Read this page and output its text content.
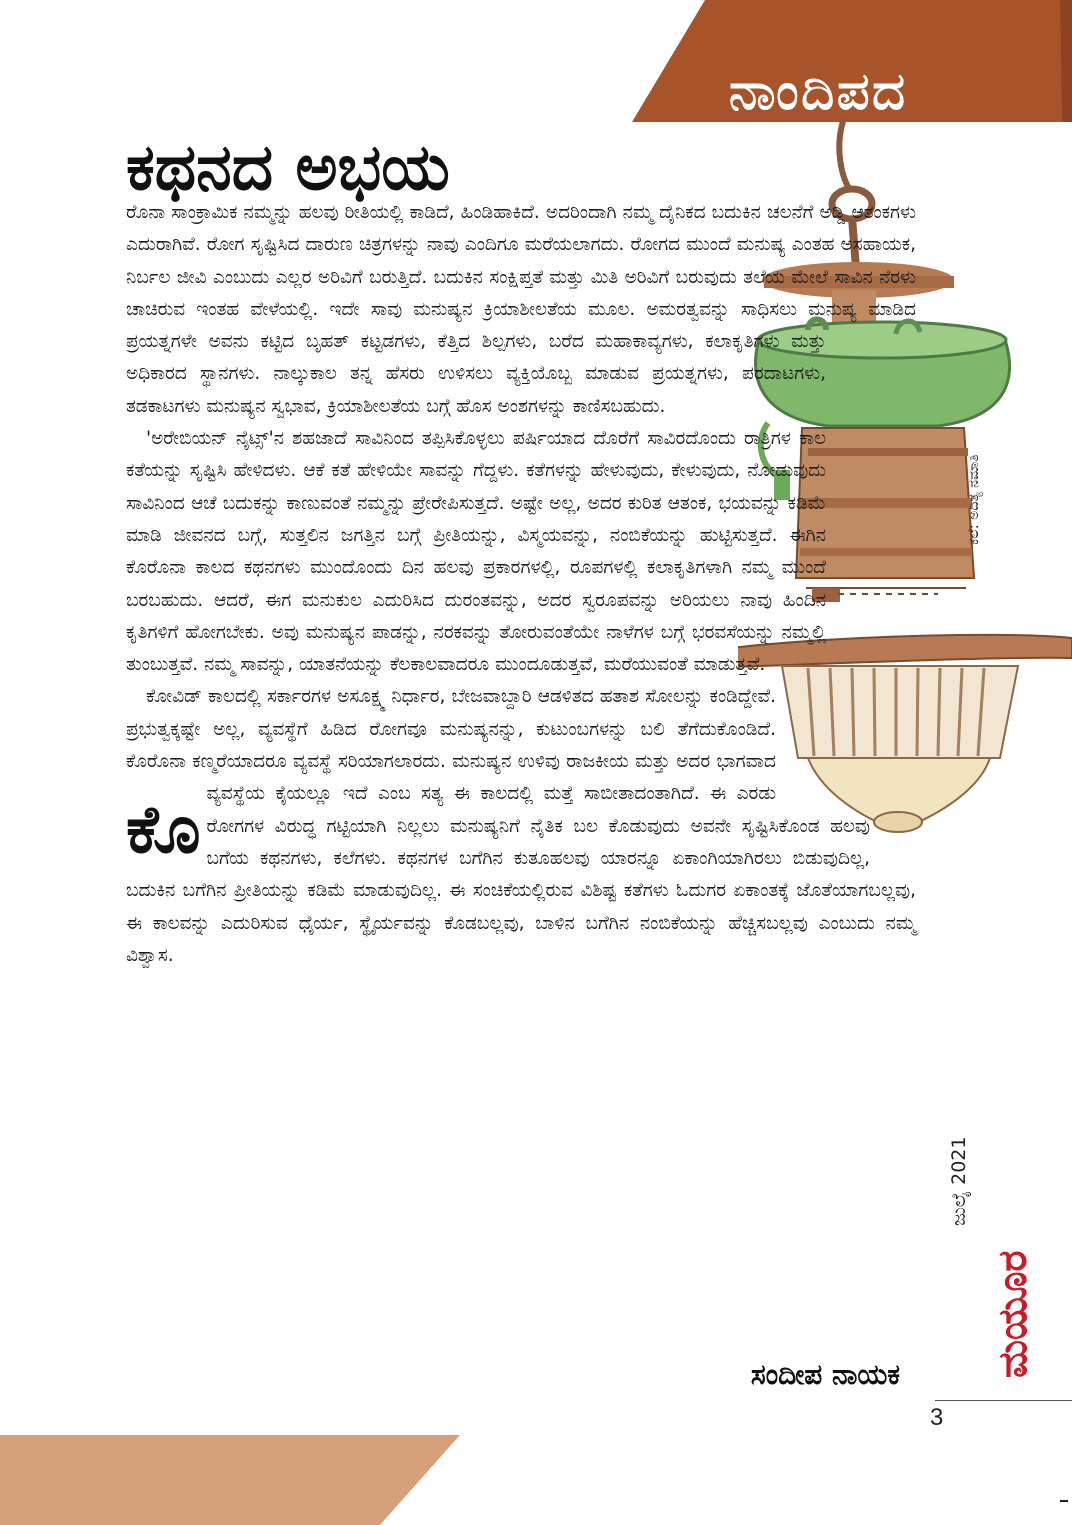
ನಾಂದಿಪದ
ಕಥನದ ಅಭಯ
ಕಲೆ: ಅದಿತ್ಯ ನಮಾತಿ

ಕೊ
ರೊನಾ ಸಾಂಕ್ರಾಮಿಕ ನಮ್ಮನ್ನು ಹಲವು ರೀತಿಯಲ್ಲಿ ಕಾಡಿದೆ, ಹಿಂಡಿಹಾಕಿದೆ. ಅದರಿಂದಾಗಿ ನಮ್ಮ ದೈನಿಕದ ಬದುಕಿನ ಚಲನೆಗೆ ಅಡ್ಡಿ ಆತಂಕಗಳು ಎದುರಾಗಿವೆ. ರೋಗ ಸೃಷ್ಟಿಸಿದ ದಾರುಣ ಚಿತ್ರಗಳನ್ನು ನಾವು ಎಂದಿಗೂ ಮರೆಯಲಾಗದು. ರೋಗದ ಮುಂದೆ ಮನುಷ್ಯ ಎಂತಹ ಅಸಹಾಯಕ, ನಿರ್ಬಲ ಜೀವಿ ಎಂಬುದು ಎಲ್ಲರ ಅರಿವಿಗೆ ಬರುತ್ತಿದೆ. ಬದುಕಿನ ಸಂಕ್ಷಿಪ್ತತೆ ಮತ್ತು ಮಿತಿ ಅರಿವಿಗೆ ಬರುವುದು ತಲೆಯ ಮೇಲೆ ಸಾವಿನ ನೆರಳು ಚಾಚಿರುವ ಇಂತಹ ವೇಳೆಯಲ್ಲಿ. ಇದೇ ಸಾವು ಮನುಷ್ಯನ ಕ್ರಿಯಾಶೀಲತೆಯ ಮೂಲ. ಅಮರತ್ವವನ್ನು ಸಾಧಿಸಲು ಮನುಷ್ಯ ಮಾಡಿದ ಪ್ರಯತ್ನಗಳೇ ಅವನು ಕಟ್ಟಿದ ಬೃಹತ್ ಕಟ್ಟಡಗಳು, ಕೆತ್ತಿದ ಶಿಲ್ಪಗಳು, ಬರೆದ ಮಹಾಕಾವ್ಯಗಳು, ಕಲಾಕೃತಿಗಳು ಮತ್ತು ಅಧಿಕಾರದ ಸ್ಥಾನಗಳು. ನಾಲ್ಕುಕಾಲ ತನ್ನ ಹೆಸರು ಉಳಿಸಲು ವ್ಯಕ್ತಿಯೊಬ್ಬ ಮಾಡುವ ಪ್ರಯತ್ನಗಳು, ಪರದಾಟಗಳು, ತಡಕಾಟಗಳು ಮನುಷ್ಯನ ಸ್ವಭಾವ, ಕ್ರಿಯಾಶೀಲತೆಯ ಬಗ್ಗೆ ಹೊಸ ಅಂಶಗಳನ್ನು ಕಾಣಿಸಬಹುದು.

'ಅರೇಬಿಯನ್ ನೈಟ್ಸ್'ನ ಶಹಜಾದೆ ಸಾವಿನಿಂದ ತಪ್ಪಿಸಿಕೊಳ್ಳಲು ಪರ್ಷಿಯಾದ ದೊರೆಗೆ ಸಾವಿರದೊಂದು ರಾತ್ರಿಗಳ ಕಾಲ ಕತೆಯನ್ನು ಸೃಷ್ಟಿಸಿ ಹೇಳಿದಳು. ಆಕೆ ಕತೆ ಹೇಳಿಯೇ ಸಾವನ್ನು ಗೆದ್ದಳು. ಕತೆಗಳನ್ನು ಹೇಳುವುದು, ಕೇಳುವುದು, ನೋಡುವುದು ಸಾವಿನಿಂದ ಆಚೆ ಬದುಕನ್ನು ಕಾಣುವಂತೆ ನಮ್ಮನ್ನು ಪ್ರೇರೇಪಿಸುತ್ತದೆ. ಅಷ್ಟೇ ಅಲ್ಲ, ಅದರ ಕುರಿತ ಆತಂಕ, ಭಯವನ್ನು ಕಡಿಮೆ ಮಾಡಿ ಜೀವನದ ಬಗ್ಗೆ, ಸುತ್ತಲಿನ ಜಗತ್ತಿನ ಬಗ್ಗೆ ಪ್ರೀತಿಯನ್ನು, ವಿಸ್ಮಯವನ್ನು, ನಂಬಿಕೆಯನ್ನು ಹುಟ್ಟಿಸುತ್ತದೆ. ಈಗಿನ ಕೊರೊನಾ ಕಾಲದ ಕಥನಗಳು ಮುಂದೊಂದು ದಿನ ಹಲವು ಪ್ರಕಾರಗಳಲ್ಲಿ, ರೂಪಗಳಲ್ಲಿ ಕಲಾಕೃತಿಗಳಾಗಿ ನಮ್ಮ ಮುಂದೆ ಬರಬಹುದು. ಆದರೆ, ಈಗ ಮನುಕುಲ ಎದುರಿಸಿದ ದುರಂತವನ್ನು, ಅದರ ಸ್ವರೂಪವನ್ನು ಅರಿಯಲು ನಾವು ಹಿಂದಿನ ಕೃತಿಗಳಿಗೆ ಹೋಗಬೇಕು. ಅವು ಮನುಷ್ಯನ ಪಾಡನ್ನು, ನರಕವನ್ನು ತೋರುವಂತೆಯೇ ನಾಳೆಗಳ ಬಗ್ಗೆ ಭರವಸೆಯನ್ನು ನಮ್ಮಲ್ಲಿ ತುಂಬುತ್ತವೆ. ನಮ್ಮ ಸಾವನ್ನು, ಯಾತನೆಯನ್ನು ಕೆಲಕಾಲವಾದರೂ ಮುಂದೂಡುತ್ತವೆ, ಮರೆಯುವಂತೆ ಮಾಡುತ್ತವೆ.

ಕೋವಿಡ್ ಕಾಲದಲ್ಲಿ ಸರ್ಕಾರಗಳ ಅಸೂಕ್ಷ್ಮ ನಿರ್ಧಾರ, ಬೇಜವಾಬ್ದಾರಿ ಆಡಳಿತದ ಹತಾಶ ಸೋಲನ್ನು ಕಂಡಿದ್ದೇವೆ. ಪ್ರಭುತ್ವಕ್ಕಷ್ಟೇ ಅಲ್ಲ, ವ್ಯವಸ್ಥೆಗೆ ಹಿಡಿದ ರೋಗವೂ ಮನುಷ್ಯನನ್ನು, ಕುಟುಂಬಗಳನ್ನು ಬಲಿ ತೆಗೆದುಕೊಂಡಿದೆ. ಕೊರೊನಾ ಕಣ್ಮರೆಯಾದರೂ ವ್ಯವಸ್ಥೆ ಸರಿಯಾಗಲಾರದು. ಮನುಷ್ಯನ ಉಳಿವು ರಾಜಕೀಯ ಮತ್ತು ಅದರ ಭಾಗವಾದ ವ್ಯವಸ್ಥೆಯ ಕೈಯಲ್ಲೂ ಇದೆ ಎಂಬ ಸತ್ಯ ಈ ಕಾಲದಲ್ಲಿ ಮತ್ತೆ ಸಾಬೀತಾದಂತಾಗಿದೆ. ಈ ಎರಡು ರೋಗಗಳ ವಿರುದ್ಧ ಗಟ್ಟಿಯಾಗಿ ನಿಲ್ಲಲು ಮನುಷ್ಯನಿಗೆ ನೈತಿಕ ಬಲ ಕೊಡುವುದು ಅವನೇ ಸೃಷ್ಟಿಸಿಕೊಂಡ ಹಲವು ಬಗೆಯ ಕಥನಗಳು, ಕಲೆಗಳು. ಕಥನಗಳ ಬಗೆಗಿನ ಕುತೂಹಲವು ಯಾರನ್ನೂ ಏಕಾಂಗಿಯಾಗಿರಲು ಬಿಡುವುದಿಲ್ಲ, ಬದುಕಿನ ಬಗೆಗಿನ ಪ್ರೀತಿಯನ್ನು ಕಡಿಮೆ ಮಾಡುವುದಿಲ್ಲ. ಈ ಸಂಚಿಕೆಯಲ್ಲಿರುವ ವಿಶಿಷ್ಟ ಕತೆಗಳು ಓದುಗರ ಏಕಾಂತಕ್ಕೆ ಜೊತೆಯಾಗಬಲ್ಲವು, ಈ ಕಾಲವನ್ನು ಎದುರಿಸುವ ಧೈರ್ಯ, ಸ್ಥೈರ್ಯವನ್ನು ಕೊಡಬಲ್ಲವು, ಬಾಳಿನ ಬಗೆಗಿನ ನಂಬಿಕೆಯನ್ನು ಹೆಚ್ಚಿಸಬಲ್ಲವು ಎಂಬುದು ನಮ್ಮ ವಿಶ್ವಾಸ.

ಸಂದೀಪ ನಾಯಕ
ಜುಲೈ 2021
ಮಯೂರ
3
